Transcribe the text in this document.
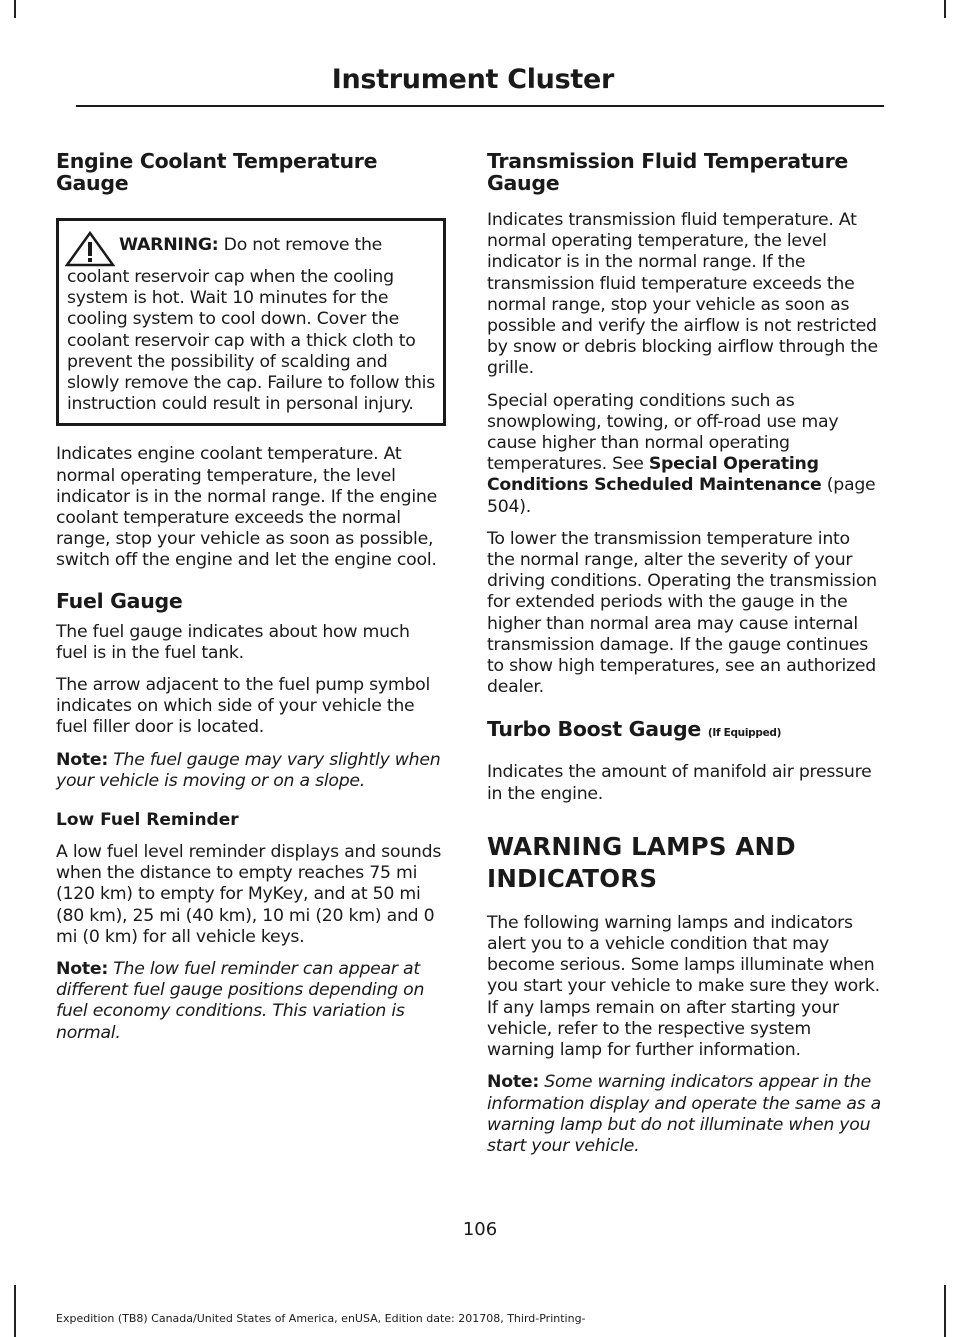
Instrument Cluster
Engine Coolant Temperature Gauge

WARNING: Do not remove the coolant reservoir cap when the cooling system is hot. Wait 10 minutes for the cooling system to cool down. Cover the coolant reservoir cap with a thick cloth to prevent the possibility of scalding and slowly remove the cap. Failure to follow this instruction could result in personal injury.

Indicates engine coolant temperature. At normal operating temperature, the level indicator is in the normal range. If the engine coolant temperature exceeds the normal range, stop your vehicle as soon as possible, switch off the engine and let the engine cool.

Fuel Gauge

The fuel gauge indicates about how much fuel is in the fuel tank.

The arrow adjacent to the fuel pump symbol indicates on which side of your vehicle the fuel filler door is located.

Note: The fuel gauge may vary slightly when your vehicle is moving or on a slope.

Low Fuel Reminder

A low fuel level reminder displays and sounds when the distance to empty reaches 75 mi (120 km) to empty for MyKey, and at 50 mi (80 km), 25 mi (40 km), 10 mi (20 km) and 0 mi (0 km) for all vehicle keys.

Note: The low fuel reminder can appear at different fuel gauge positions depending on fuel economy conditions. This variation is normal.

Transmission Fluid Temperature Gauge

Indicates transmission fluid temperature. At normal operating temperature, the level indicator is in the normal range. If the transmission fluid temperature exceeds the normal range, stop your vehicle as soon as possible and verify the airflow is not restricted by snow or debris blocking airflow through the grille.

Special operating conditions such as snowplowing, towing, or off-road use may cause higher than normal operating temperatures. See Special Operating Conditions Scheduled Maintenance (page 504).

To lower the transmission temperature into the normal range, alter the severity of your driving conditions. Operating the transmission for extended periods with the gauge in the higher than normal area may cause internal transmission damage. If the gauge continues to show high temperatures, see an authorized dealer.

Turbo Boost Gauge (If Equipped)

Indicates the amount of manifold air pressure in the engine.

WARNING LAMPS AND
INDICATORS

The following warning lamps and indicators alert you to a vehicle condition that may become serious. Some lamps illuminate when you start your vehicle to make sure they work. If any lamps remain on after starting your vehicle, refer to the respective system warning lamp for further information.

Note: Some warning indicators appear in the information display and operate the same as a warning lamp but do not illuminate when you start your vehicle.

106
Expedition (TB8) Canada/United States of America, enUSA, Edition date: 201708, Third-Printing-
